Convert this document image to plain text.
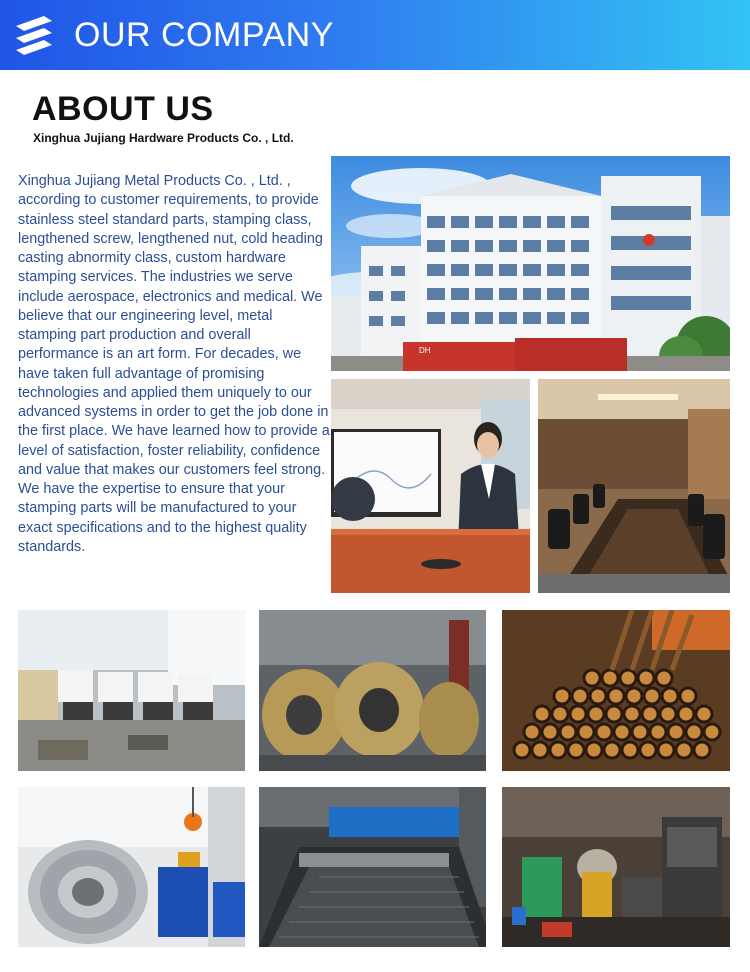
OUR COMPANY
ABOUT US
Xinghua Jujiang Hardware Products Co. , Ltd.

Xinghua Jujiang Metal Products Co. , Ltd. , according to customer requirements, to provide stainless steel standard parts, stamping class, lengthened screw, lengthened nut, cold heading casting abnormity class, custom hardware stamping services. The industries we serve include aerospace, electronics and medical. We believe that our engineering level, metal stamping part production and overall performance is an art form. For decades, we have taken full advantage of promising technologies and applied them uniquely to our advanced systems in order to get the job done in the first place. We have learned how to provide a level of satisfaction, foster reliability, confidence and value that makes our customers feel strong. We have the expertise to ensure that your stamping parts will be manufactured to your exact specifications and to the highest quality standards.

DH
